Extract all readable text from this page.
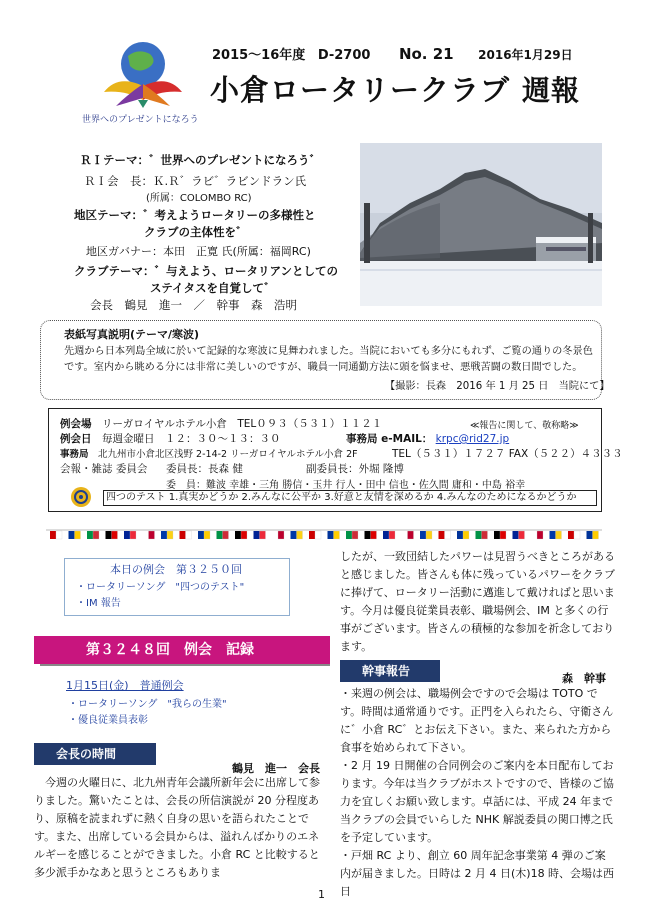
世界へのプレゼントになろう
2015～16年度 D-2700 No. 21 2016年1月29日
小倉ロータリークラブ 週報
ＲＩテーマ：゛世界へのプレゼントになろう゛
ＲＩ会　長：Ｋ.Ｒ゛ラビ゛ラビンドラン氏
(所属：COLOMBO RC)
地区テーマ：゛考えようロータリーの多様性と
クラブの主体性を゛
地区ガバナー：本田　正寛 氏(所属：福岡RC)
クラブテーマ：゛与えよう、ロータリアンとしての
ステイタスを自覚して゛
会長　鶴見　進一　／　幹事　森　浩明
表紙写真説明(テーマ/寒波)
先週から日本列島全域に於いて記録的な寒波に見舞われました。当院においても多分にもれず、ご覧の通りの冬景色です。室内から眺める分には非常に美しいのですが、職員一同通勤方法に頭を悩ませ、悪戦苦闘の数日間でした。
【撮影：長森　2016 年 1 月 25 日　当院にて】
例会場　 リーガロイヤルホテル小倉　 TEL０９３（５３１）１１２１	≪報告に関して、敬称略≫
例会日　 毎週金曜日　１２：３０～１３：３０	事務局 e-MAIL： krpc@rid27.jp
事務局　 北九州市小倉北区浅野 2-14-2 リーガロイヤルホテル小倉 2F	TEL（５３１）１７２７ FAX（５２２）４３３３
会報・雑誌 委員会 委員長：長森 健	副委員長：外堀 隆博
委　員：難波 幸雄・三角 勝信・玉井 行人・田中 信也・佐久間 庸和・中島 裕幸
四つのテスト 1.真実かどうか 2.みんなに公平か 3.好意と友情を深めるか 4.みんなのためになるかどうか
本日の例会　第３２５０回
・ロータリーソング　"四つのテスト"
・IM 報告
第３２４８回　例会　記録
1月15日(金)　普通例会
・ロータリーソング　"我らの生業"
・優良従業員表彰
会長の時間
鶴見　進一　会長
今週の火曜日に、北九州青年会議所新年会に出席して参りました。驚いたことは、会長の所信演説が 20 分程度あり、原稿を読まれずに熱く自身の思いを語られたことです。また、出席している会員からは、溢れんばかりのエネルギーを感じることができました。小倉 RC と比較すると多少派手かなあと思うところもありま
したが、一致団結したパワーは見習うべきところがあると感じました。皆さんも体に残っているパワーをクラブに捧げて、ロータリー活動に邁進して戴ければと思います。今月は優良従業員表彰、職場例会、IM と多くの行事がございます。皆さんの積極的な参加を祈念しております。
幹事報告
森　幹事
・来週の例会は、職場例会ですので会場は TOTO です。時間は通常通りです。正門を入られたら、守衛さんに゛小倉 RC゛とお伝え下さい。また、来られた方から食事を始められて下さい。
・2 月 19 日開催の合同例会のご案内を本日配布しております。今年は当クラブがホストですので、皆様のご協力を宜しくお願い致します。卓話には、平成 24 年まで当クラブの会員でいらした NHK 解説委員の関口博之氏を予定しています。
・戸畑 RC より、創立 60 周年記念事業第 4 弾のご案内が届きました。日時は 2 月 4 日(木)18 時、会場は西日
1
